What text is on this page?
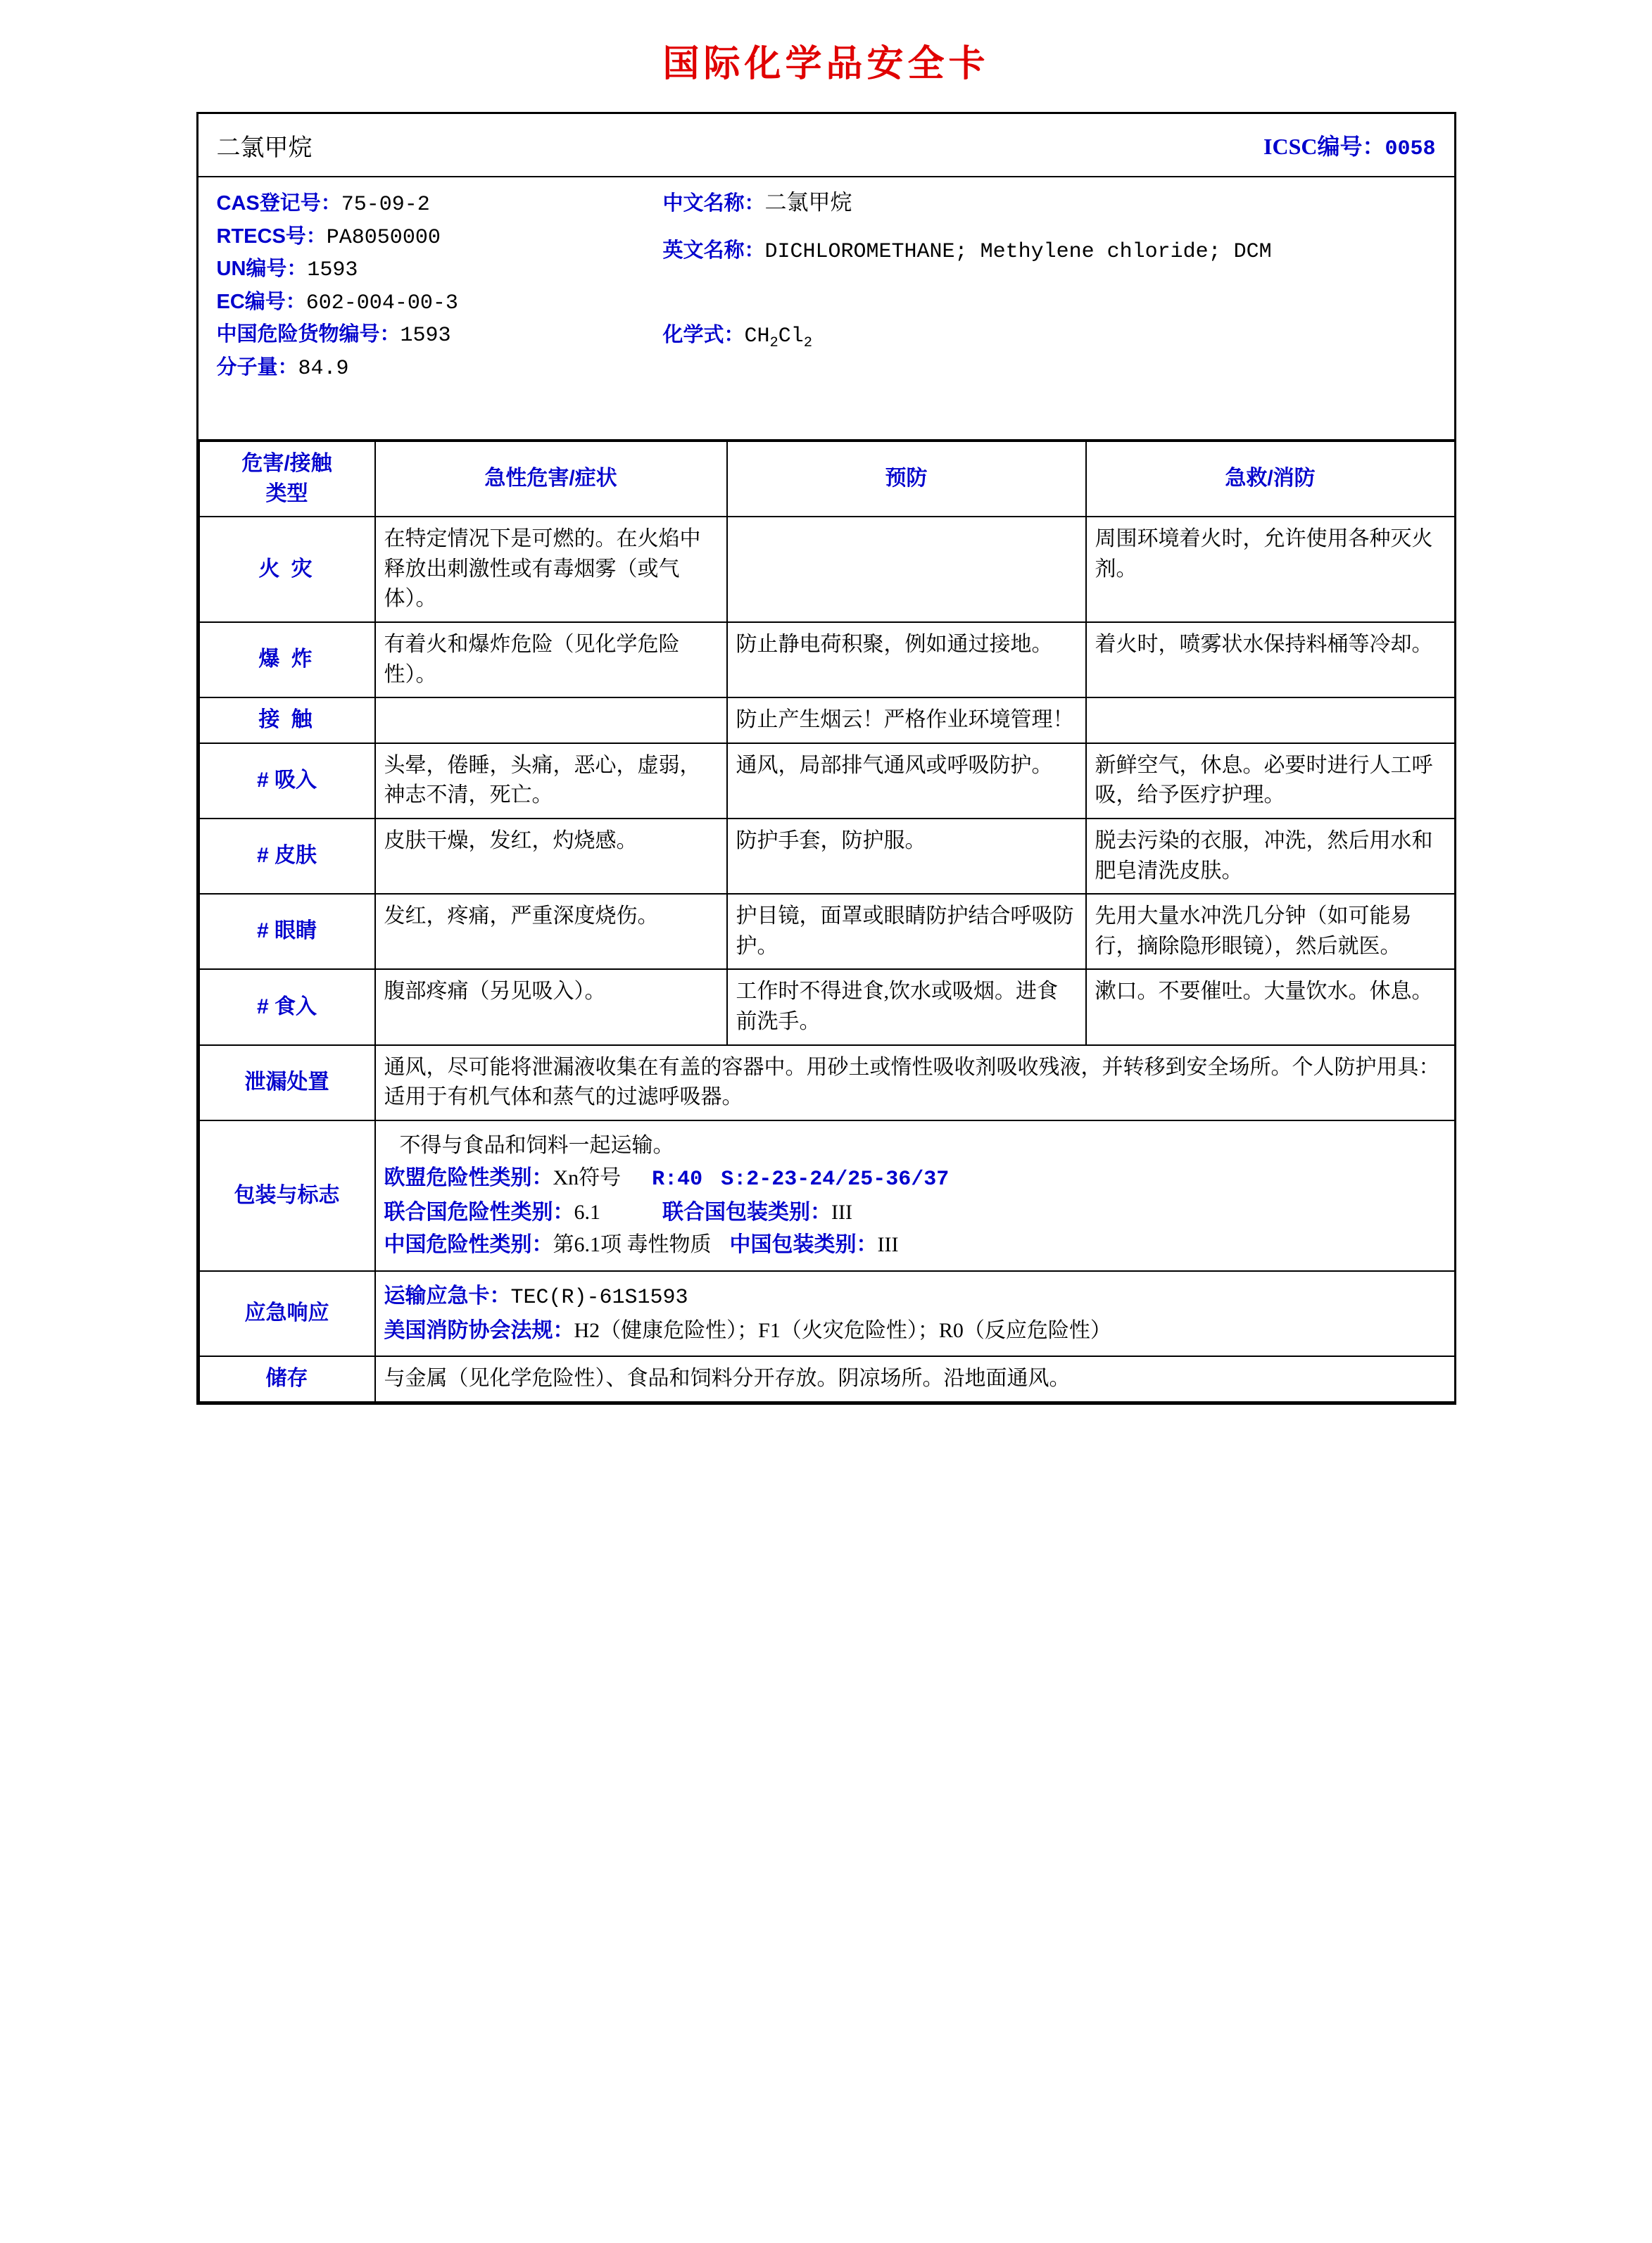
国际化学品安全卡
二氯甲烷	ICSC编号：0058
CAS登记号：75-09-2
RTECS号：PA8050000
UN编号：1593
EC编号：602-004-00-3
中国危险货物编号：1593
分子量：84.9
中文名称：二氯甲烷
英文名称：DICHLOROMETHANE; Methylene chloride; DCM
化学式：$CH_2Cl_2$
危害/接触
类型	急性危害/症状	预防	急救/消防
火 灾	在特定情况下是可燃的。在火焰中释放出刺激性或有毒烟雾（或气体）。		周围环境着火时，允许使用各种灭火剂。
爆 炸	有着火和爆炸危险（见化学危险性）。	防止静电荷积聚，例如通过接地。	着火时，喷雾状水保持料桶等冷却。
接 触		防止产生烟云！严格作业环境管理！	
# 吸入	头晕，倦睡，头痛，恶心，虚弱，神志不清，死亡。	通风，局部排气通风或呼吸防护。	新鲜空气，休息。必要时进行人工呼吸，给予医疗护理。
# 皮肤	皮肤干燥，发红，灼烧感。	防护手套，防护服。	脱去污染的衣服，冲洗，然后用水和肥皂清洗皮肤。
# 眼睛	发红，疼痛，严重深度烧伤。	护目镜，面罩或眼睛防护结合呼吸防护。	先用大量水冲洗几分钟（如可能易行，摘除隐形眼镜），然后就医。
# 食入	腹部疼痛（另见吸入）。	工作时不得进食,饮水或吸烟。进食前洗手。	漱口。不要催吐。大量饮水。休息。
泄漏处置	通风，尽可能将泄漏液收集在有盖的容器中。用砂土或惰性吸收剂吸收残液，并转移到安全场所。个人防护用具：适用于有机气体和蒸气的过滤呼吸器。		
包装与标志	不得与食品和饲料一起运输。
欧盟危险性类别：Xn符号 R:40 S:2-23-24/25-36/37
联合国危险性类别：6.1 联合国包装类别：III
中国危险性类别：第6.1项 毒性物质 中国包装类别：III		

应急响应	运输应急卡：TEC(R)-61S1593
美国消防协会法规：H2（健康危险性）；F1（火灾危险性）；R0（反应危险性）		

储存	与金属（见化学危险性）、食品和饲料分开存放。阴凉场所。沿地面通风。		
